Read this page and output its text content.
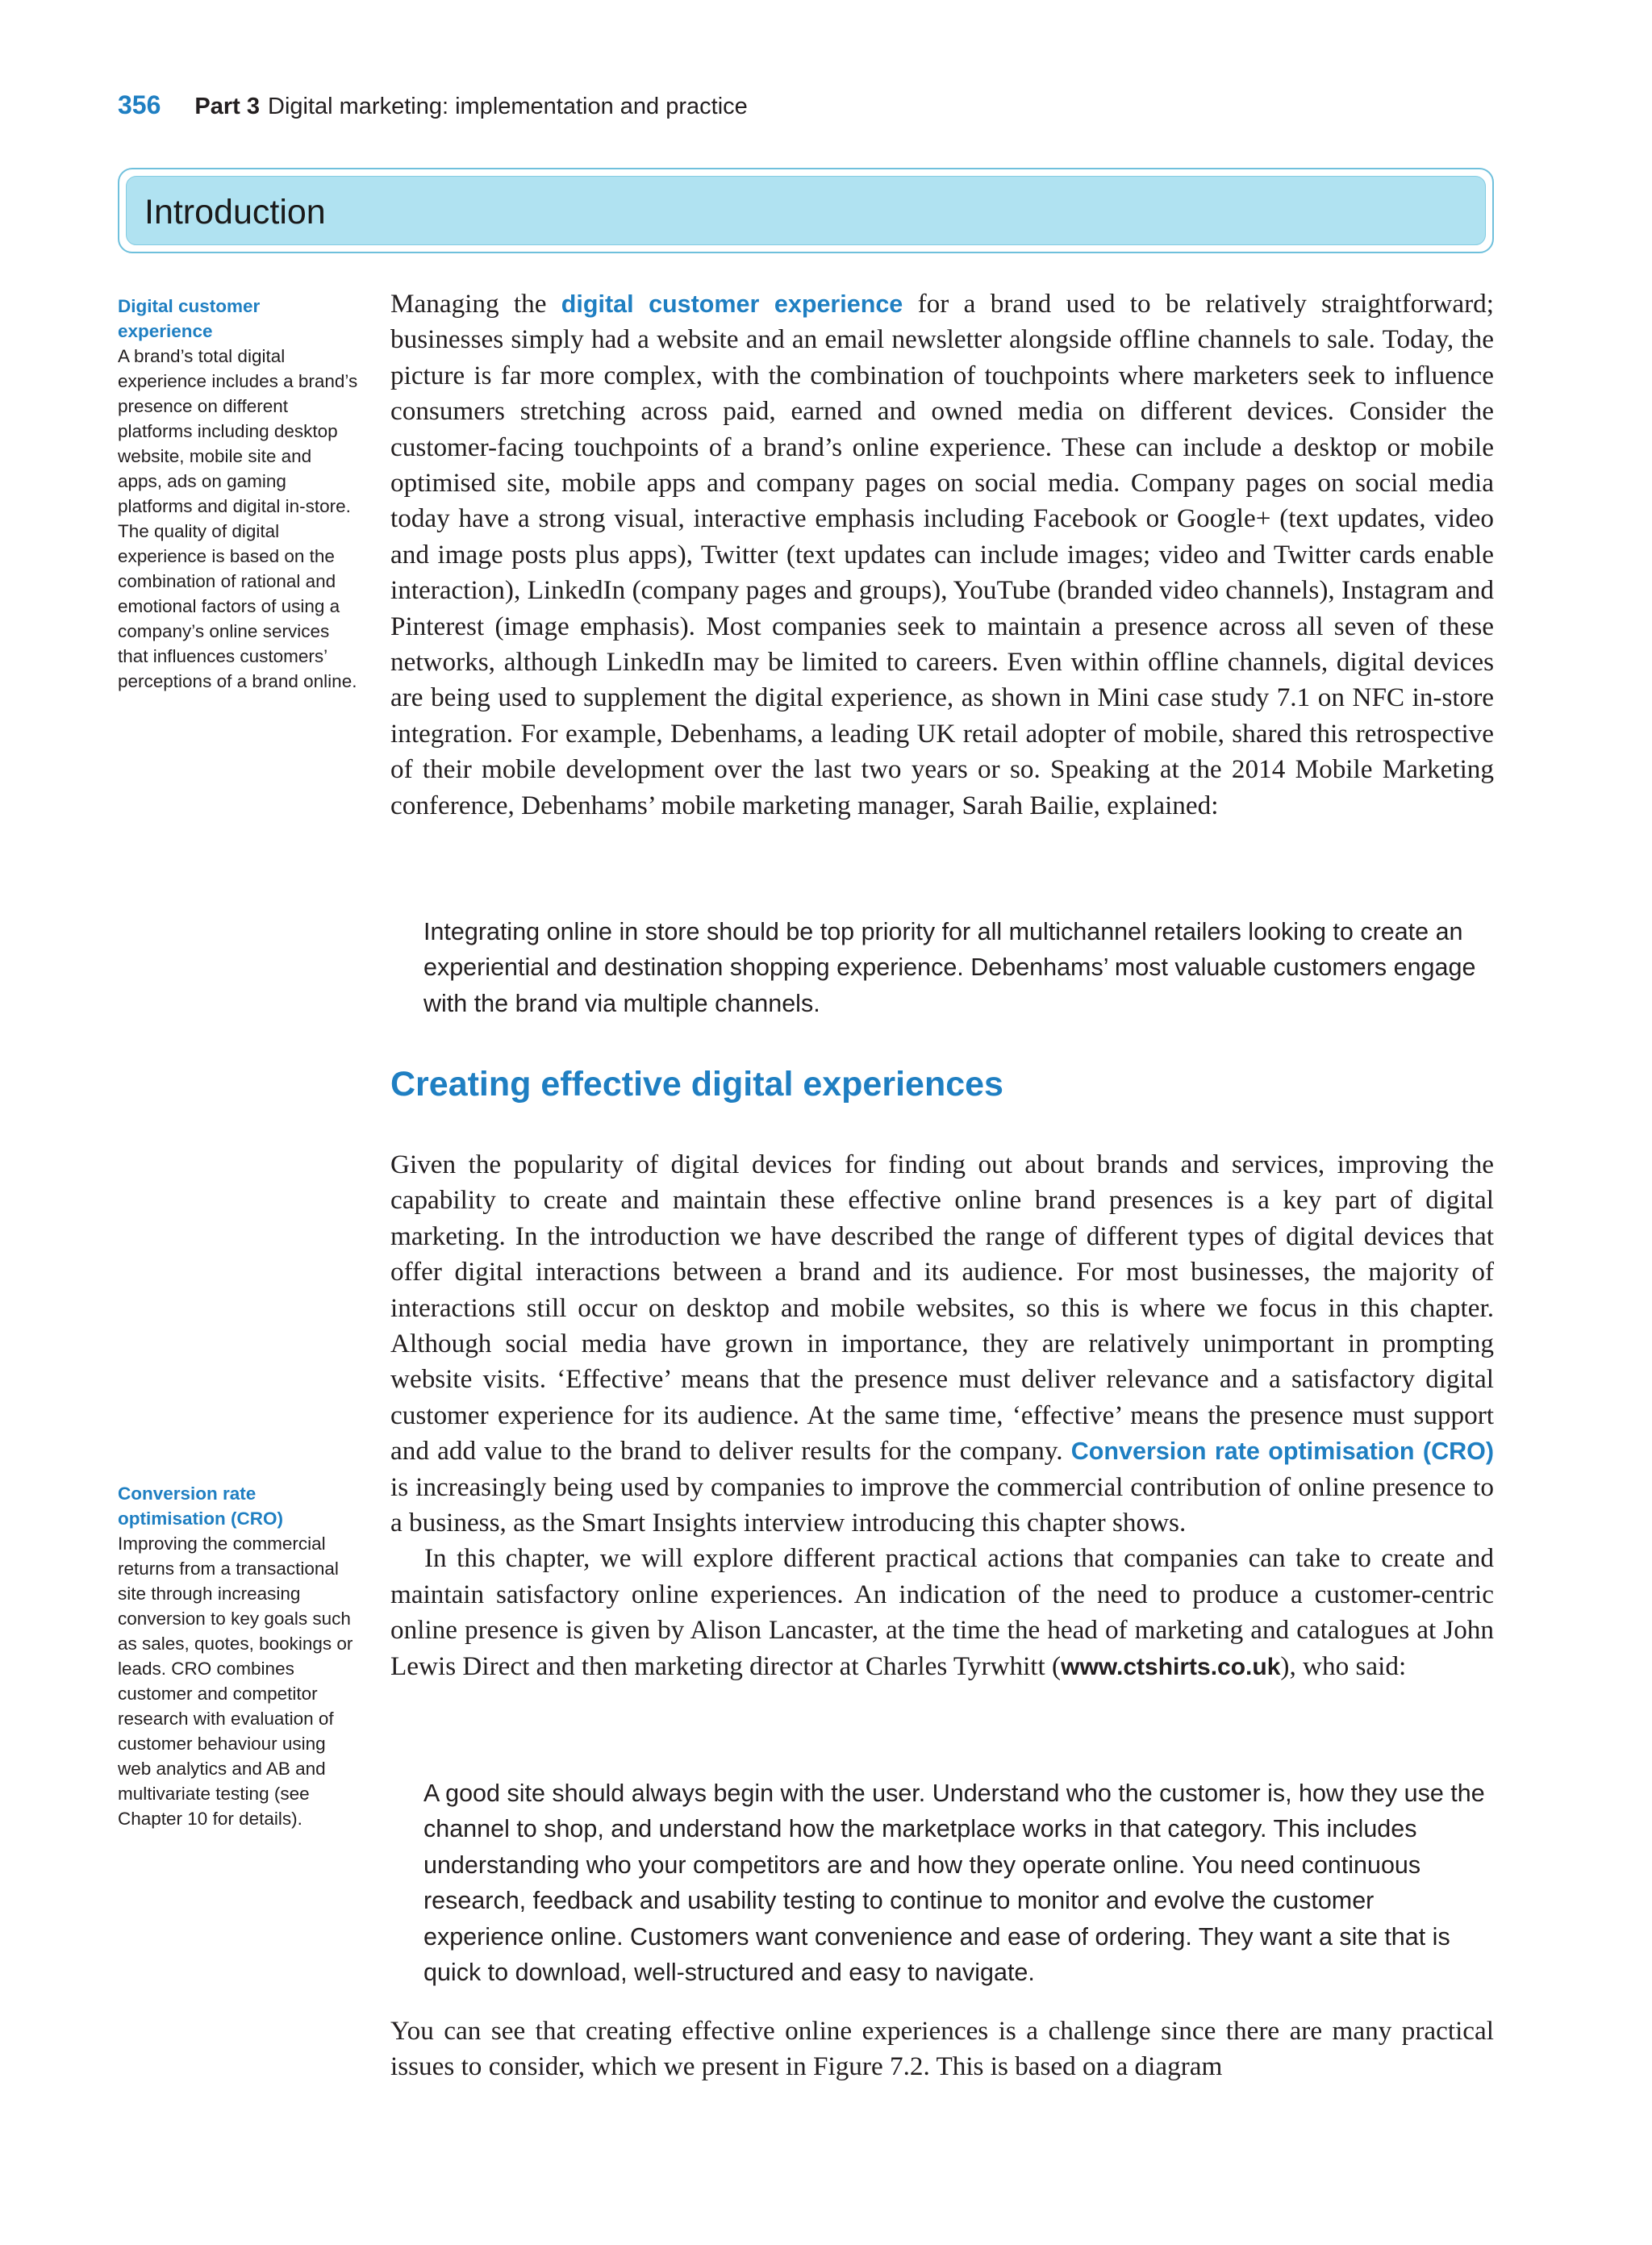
356 Part 3 Digital marketing: implementation and practice
Introduction
Digital customer experience
A brand’s total digital experience includes a brand’s presence on different platforms including desktop website, mobile site and apps, ads on gaming platforms and digital in-store. The quality of digital experience is based on the combination of rational and emotional factors of using a company’s online services that influences customers’ perceptions of a brand online.
Conversion rate optimisation (CRO)
Improving the commercial returns from a transactional site through increasing conversion to key goals such as sales, quotes, bookings or leads. CRO combines customer and competitor research with evaluation of customer behaviour using web analytics and AB and multivariate testing (see Chapter 10 for details).

Managing the digital customer experience for a brand used to be relatively straightforward; businesses simply had a website and an email newsletter alongside offline channels to sale. Today, the picture is far more complex, with the combination of touchpoints where marketers seek to influence consumers stretching across paid, earned and owned media on different devices. Consider the customer-facing touchpoints of a brand’s online experience. These can include a desktop or mobile optimised site, mobile apps and company pages on social media. Company pages on social media today have a strong visual, interactive emphasis including Facebook or Google+ (text updates, video and image posts plus apps), Twitter (text updates can include images; video and Twitter cards enable interaction), LinkedIn (company pages and groups), YouTube (branded video channels), Instagram and Pinterest (image emphasis). Most companies seek to maintain a presence across all seven of these networks, although LinkedIn may be limited to careers. Even within offline channels, digital devices are being used to supplement the digital experience, as shown in Mini case study 7.1 on NFC in-store integration. For example, Debenhams, a leading UK retail adopter of mobile, shared this retrospective of their mobile development over the last two years or so. Speaking at the 2014 Mobile Marketing conference, Debenhams’ mobile marketing manager, Sarah Bailie, explained:

Integrating online in store should be top priority for all multichannel retailers looking to create an experiential and destination shopping experience. Debenhams’ most valuable customers engage with the brand via multiple channels.
Creating effective digital experiences

Given the popularity of digital devices for finding out about brands and services, improving the capability to create and maintain these effective online brand presences is a key part of digital marketing. In the introduction we have described the range of different types of digital devices that offer digital interactions between a brand and its audience. For most businesses, the majority of interactions still occur on desktop and mobile websites, so this is where we focus in this chapter. Although social media have grown in importance, they are relatively unimportant in prompting website visits. ‘Effective’ means that the presence must deliver relevance and a satisfactory digital customer experience for its audience. At the same time, ‘effective’ means the presence must support and add value to the brand to deliver results for the company. Conversion rate optimisation (CRO) is increasingly being used by companies to improve the commercial contribution of online presence to a business, as the Smart Insights interview introducing this chapter shows.

In this chapter, we will explore different practical actions that companies can take to create and maintain satisfactory online experiences. An indication of the need to produce a customer-centric online presence is given by Alison Lancaster, at the time the head of marketing and catalogues at John Lewis Direct and then marketing director at Charles Tyrwhitt (www.ctshirts.co.uk), who said:

A good site should always begin with the user. Understand who the customer is, how they use the channel to shop, and understand how the marketplace works in that category. This includes understanding who your competitors are and how they operate online. You need continuous research, feedback and usability testing to continue to monitor and evolve the customer experience online. Customers want convenience and ease of ordering. They want a site that is quick to download, well-structured and easy to navigate.

You can see that creating effective online experiences is a challenge since there are many practical issues to consider, which we present in Figure 7.2. This is based on a diagram
